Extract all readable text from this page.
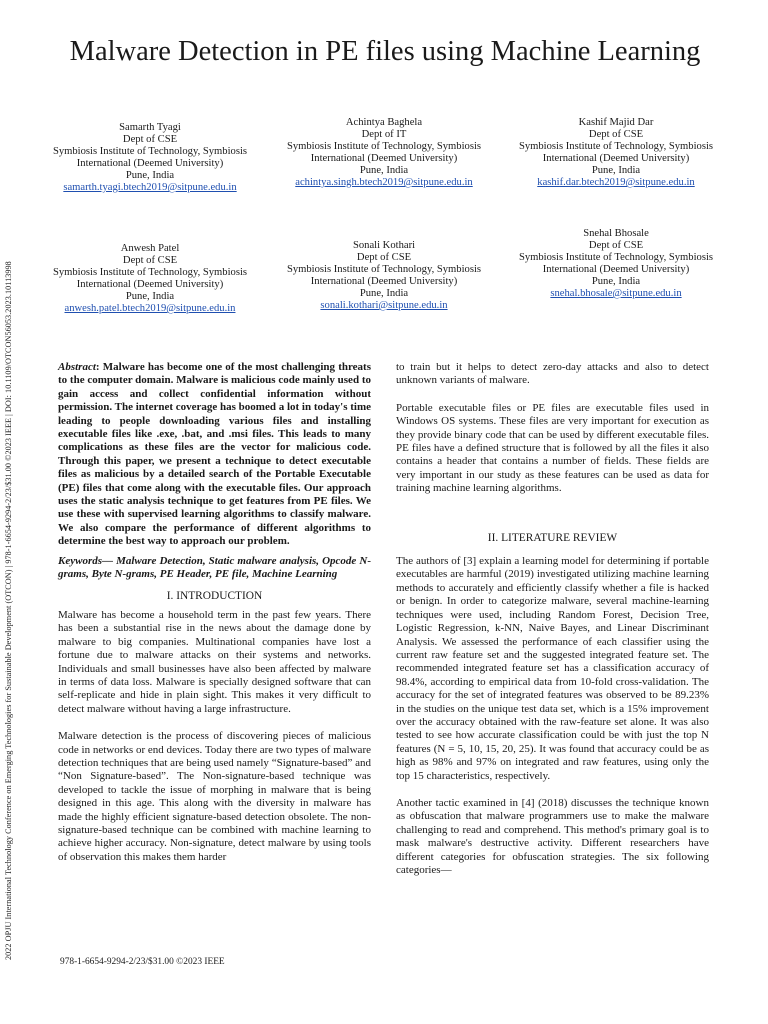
2022 OPJU International Technology Conference on Emerging Technologies for Sustainable Development (OTCON) | 978-1-6654-9294-2/23/$31.00 ©2023 IEEE | DOI: 10.1109/OTCON56053.2023.10113998
Malware Detection in PE files using Machine Learning
Samarth Tyagi
Dept of CSE
Symbiosis Institute of Technology, Symbiosis International (Deemed University)
Pune, India
samarth.tyagi.btech2019@sitpune.edu.in
Achintya Baghela
Dept of IT
Symbiosis Institute of Technology, Symbiosis International (Deemed University)
Pune, India
achintya.singh.btech2019@sitpune.edu.in
Kashif Majid Dar
Dept of CSE
Symbiosis Institute of Technology, Symbiosis International (Deemed University)
Pune, India
kashif.dar.btech2019@sitpune.edu.in
Anwesh Patel
Dept of CSE
Symbiosis Institute of Technology, Symbiosis International (Deemed University)
Pune, India
anwesh.patel.btech2019@sitpune.edu.in
Sonali Kothari
Dept of CSE
Symbiosis Institute of Technology, Symbiosis International (Deemed University)
Pune, India
sonali.kothari@sitpune.edu.in
Snehal Bhosale
Dept of CSE
Symbiosis Institute of Technology, Symbiosis International (Deemed University)
Pune, India
snehal.bhosale@sitpune.edu.in

Abstract: Malware has become one of the most challenging threats to the computer domain. Malware is malicious code mainly used to gain access and collect confidential information without permission. The internet coverage has boomed a lot in today's time leading to people downloading various files and installing executable files like .exe, .bat, and .msi files. This leads to many complications as these files are the vector for malicious code. Through this paper, we present a technique to detect executable files as malicious by a detailed search of the Portable Executable (PE) files that come along with the executable files. Our approach uses the static analysis technique to get features from PE files. We use these with supervised learning algorithms to classify malware. We also compare the performance of different algorithms to determine the best way to approach our problem.

Keywords— Malware Detection, Static malware analysis, Opcode N-grams, Byte N-grams, PE Header, PE file, Machine Learning

I. INTRODUCTION

Malware has become a household term in the past few years. There has been a substantial rise in the news about the damage done by malware to big companies. Multinational companies have lost a fortune due to malware attacks on their systems and networks. Individuals and small businesses have also been affected by malware in terms of data loss. Malware is specially designed software that can self-replicate and hide in plain sight. This makes it very difficult to detect malware without having a large infrastructure.

Malware detection is the process of discovering pieces of malicious code in networks or end devices. Today there are two types of malware detection techniques that are being used namely “Signature-based” and “Non Signature-based”. The Non-signature-based technique was developed to tackle the issue of morphing in malware that is being designed in this age. This along with the diversity in malware has made the highly efficient signature-based detection obsolete. The non-signature-based technique can be combined with machine learning to achieve higher accuracy. Non-signature, detect malware by using tools of observation this makes them harder

to train but it helps to detect zero-day attacks and also to detect unknown variants of malware.

Portable executable files or PE files are executable files used in Windows OS systems. These files are very important for execution as they provide binary code that can be used by different executable files. PE files have a defined structure that is followed by all the files it also contains a header that contains a number of fields. These fields are very important in our study as these features can be used as data for training machine learning algorithms.

II. LITERATURE REVIEW

The authors of [3] explain a learning model for determining if portable executables are harmful (2019) investigated utilizing machine learning methods to accurately and efficiently classify whether a file is hacked or benign. In order to categorize malware, several machine-learning techniques were used, including Random Forest, Decision Tree, Logistic Regression, k-NN, Naive Bayes, and Linear Discriminant Analysis. We assessed the performance of each classifier using the current raw feature set and the suggested integrated feature set. The recommended integrated feature set has a classification accuracy of 98.4%, according to empirical data from 10-fold cross-validation. The accuracy for the set of integrated features was observed to be 89.23% in the studies on the unique test data set, which is a 15% improvement over the accuracy obtained with the raw-feature set alone. It was also tested to see how accurate classification could be with just the top N features (N = 5, 10, 15, 20, 25). It was found that accuracy could be as high as 98% and 97% on integrated and raw features, using only the top 15 characteristics, respectively.

Another tactic examined in [4] (2018) discusses the technique known as obfuscation that malware programmers use to make the malware challenging to read and comprehend. This method's primary goal is to mask malware's destructive activity. Different researchers have different categories for obfuscation strategies. The six following categories—

978-1-6654-9294-2/23/$31.00 ©2023 IEEE
